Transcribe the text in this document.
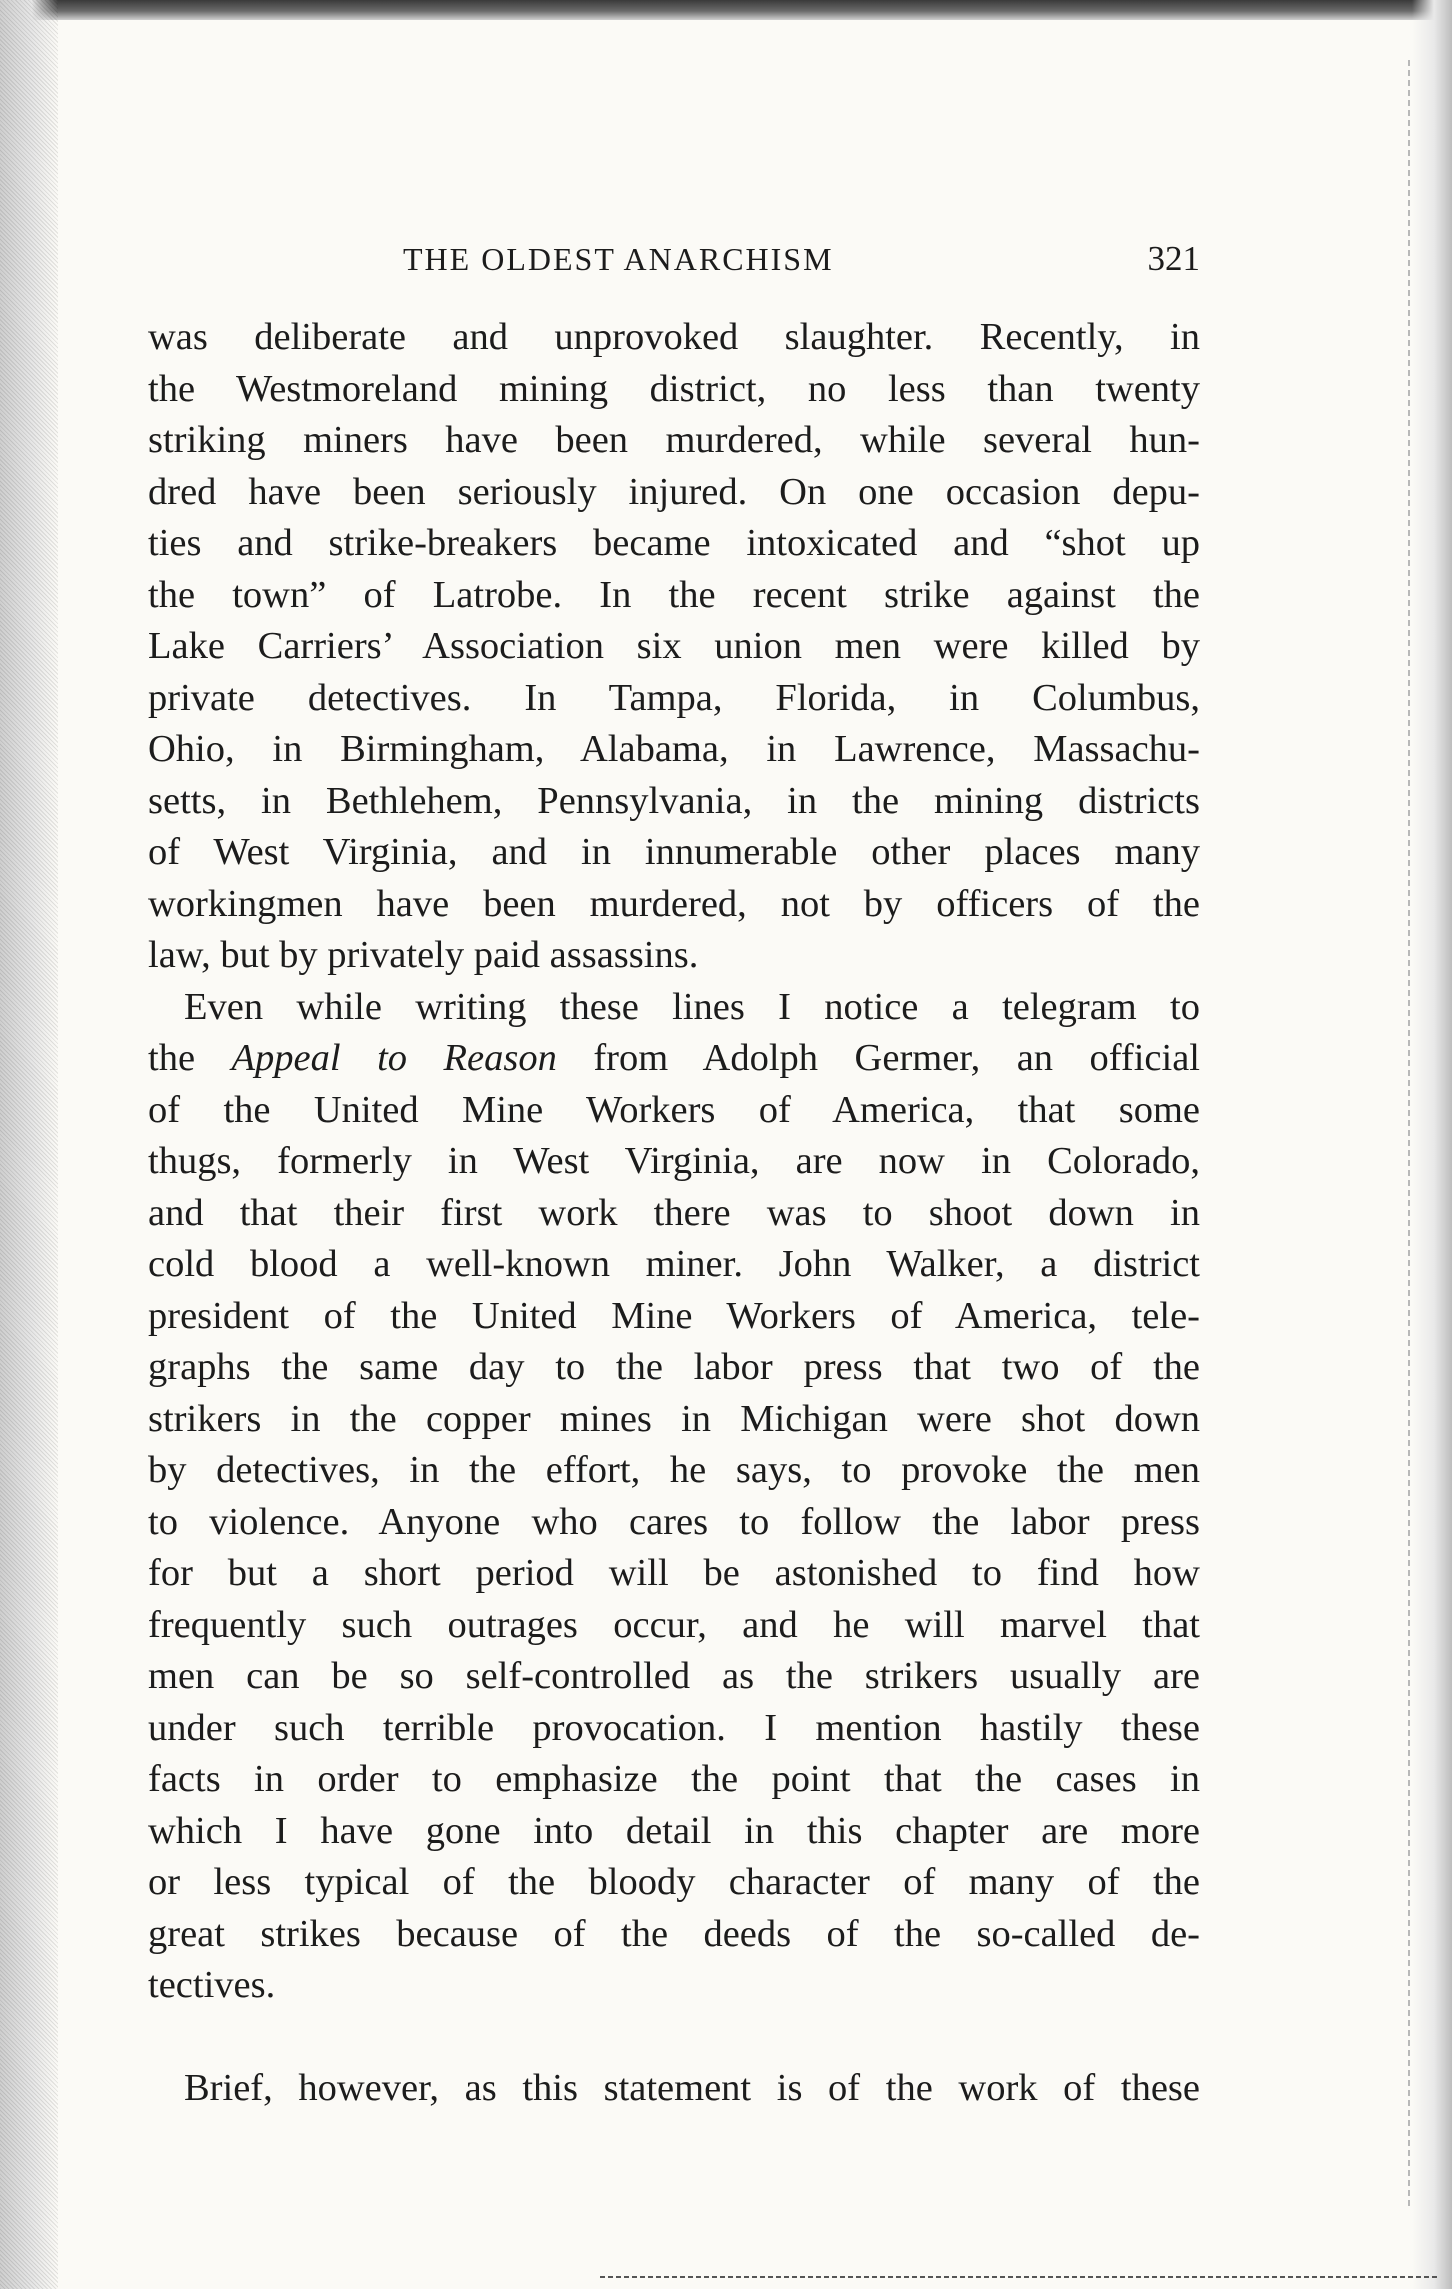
THE OLDEST ANARCHISM	321
was deliberate and unprovoked slaughter. Recently, in
the Westmoreland mining district, no less than twenty
striking miners have been murdered, while several hun-
dred have been seriously injured. On one occasion depu-
ties and strike-breakers became intoxicated and “shot up
the town” of Latrobe. In the recent strike against the
Lake Carriers’ Association six union men were killed by
private detectives. In Tampa, Florida, in Columbus,
Ohio, in Birmingham, Alabama, in Lawrence, Massachu-
setts, in Bethlehem, Pennsylvania, in the mining districts
of West Virginia, and in innumerable other places many
workingmen have been murdered, not by officers of the
law, but by privately paid assassins.
Even while writing these lines I notice a telegram to
the Appeal to Reason from Adolph Germer, an official
of the United Mine Workers of America, that some
thugs, formerly in West Virginia, are now in Colorado,
and that their first work there was to shoot down in
cold blood a well-known miner. John Walker, a district
president of the United Mine Workers of America, tele-
graphs the same day to the labor press that two of the
strikers in the copper mines in Michigan were shot down
by detectives, in the effort, he says, to provoke the men
to violence. Anyone who cares to follow the labor press
for but a short period will be astonished to find how
frequently such outrages occur, and he will marvel that
men can be so self-controlled as the strikers usually are
under such terrible provocation. I mention hastily these
facts in order to emphasize the point that the cases in
which I have gone into detail in this chapter are more
or less typical of the bloody character of many of the
great strikes because of the deeds of the so-called de-
tectives.
Brief, however, as this statement is of the work of these
